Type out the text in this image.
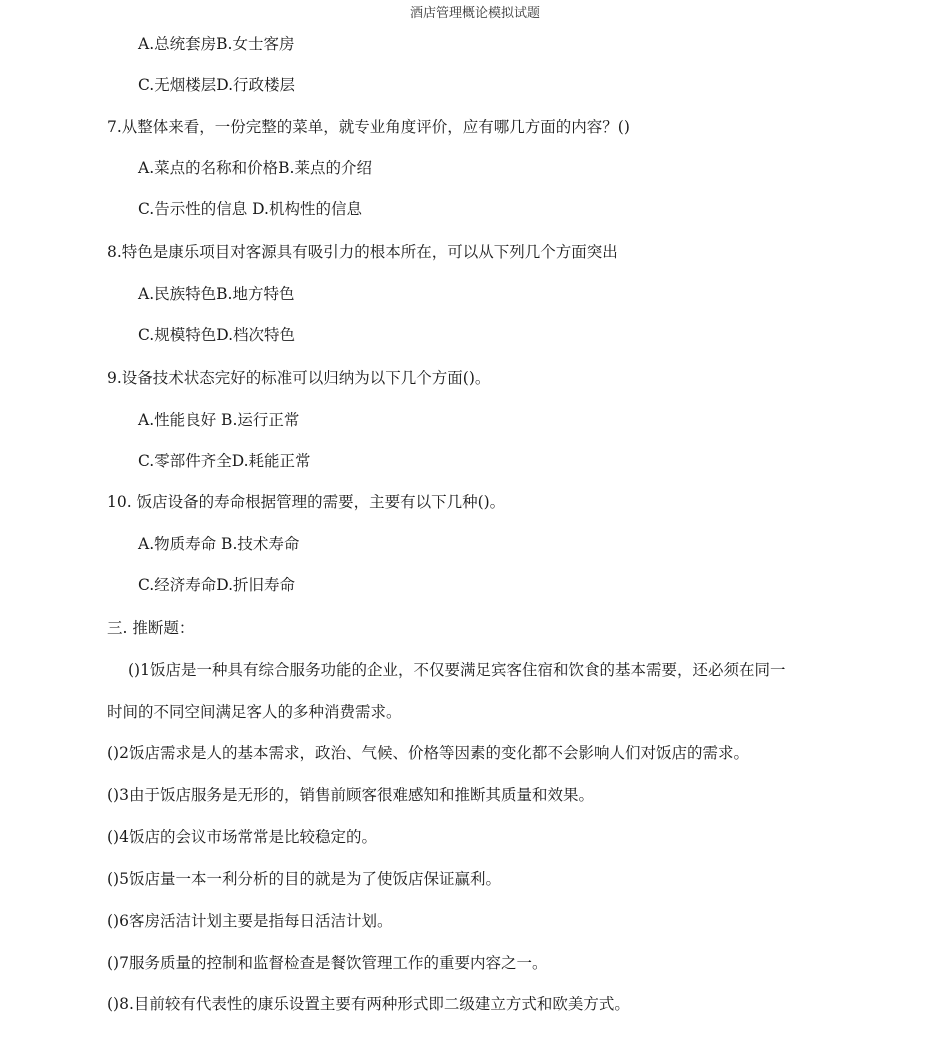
酒店管理概论模拟试题
A.总统套房B.女士客房
C.无烟楼层D.行政楼层
7.从整体来看，一份完整的菜单，就专业角度评价，应有哪几方面的内容？()
A.菜点的名称和价格B.莱点的介绍
C.告示性的信息 D.机构性的信息
8.特色是康乐项目对客源具有吸引力的根本所在，可以从下列几个方面突出
A.民族特色B.地方特色
C.规模特色D.档次特色
9.设备技术状态完好的标准可以归纳为以下几个方面()。
A.性能良好 B.运行正常
C.零部件齐全D.耗能正常
10. 饭店设备的寿命根据管理的需要，主要有以下几种()。
A.物质寿命 B.技术寿命
C.经济寿命D.折旧寿命
三. 推断题：
()1饭店是一种具有综合服务功能的企业，不仅要满足宾客住宿和饮食的基本需要，还必须在同一
时间的不同空间满足客人的多种消费需求。
()2饭店需求是人的基本需求，政治、气候、价格等因素的变化都不会影响人们对饭店的需求。
()3由于饭店服务是无形的，销售前顾客很难感知和推断其质量和效果。
()4饭店的会议市场常常是比较稳定的。
()5饭店量一本一利分析的目的就是为了使饭店保证赢利。
()6客房活洁计划主要是指每日活洁计划。
()7服务质量的控制和监督检查是餐饮管理工作的重要内容之一。
()8.目前较有代表性的康乐设置主要有两种形式即二级建立方式和欧美方式。
